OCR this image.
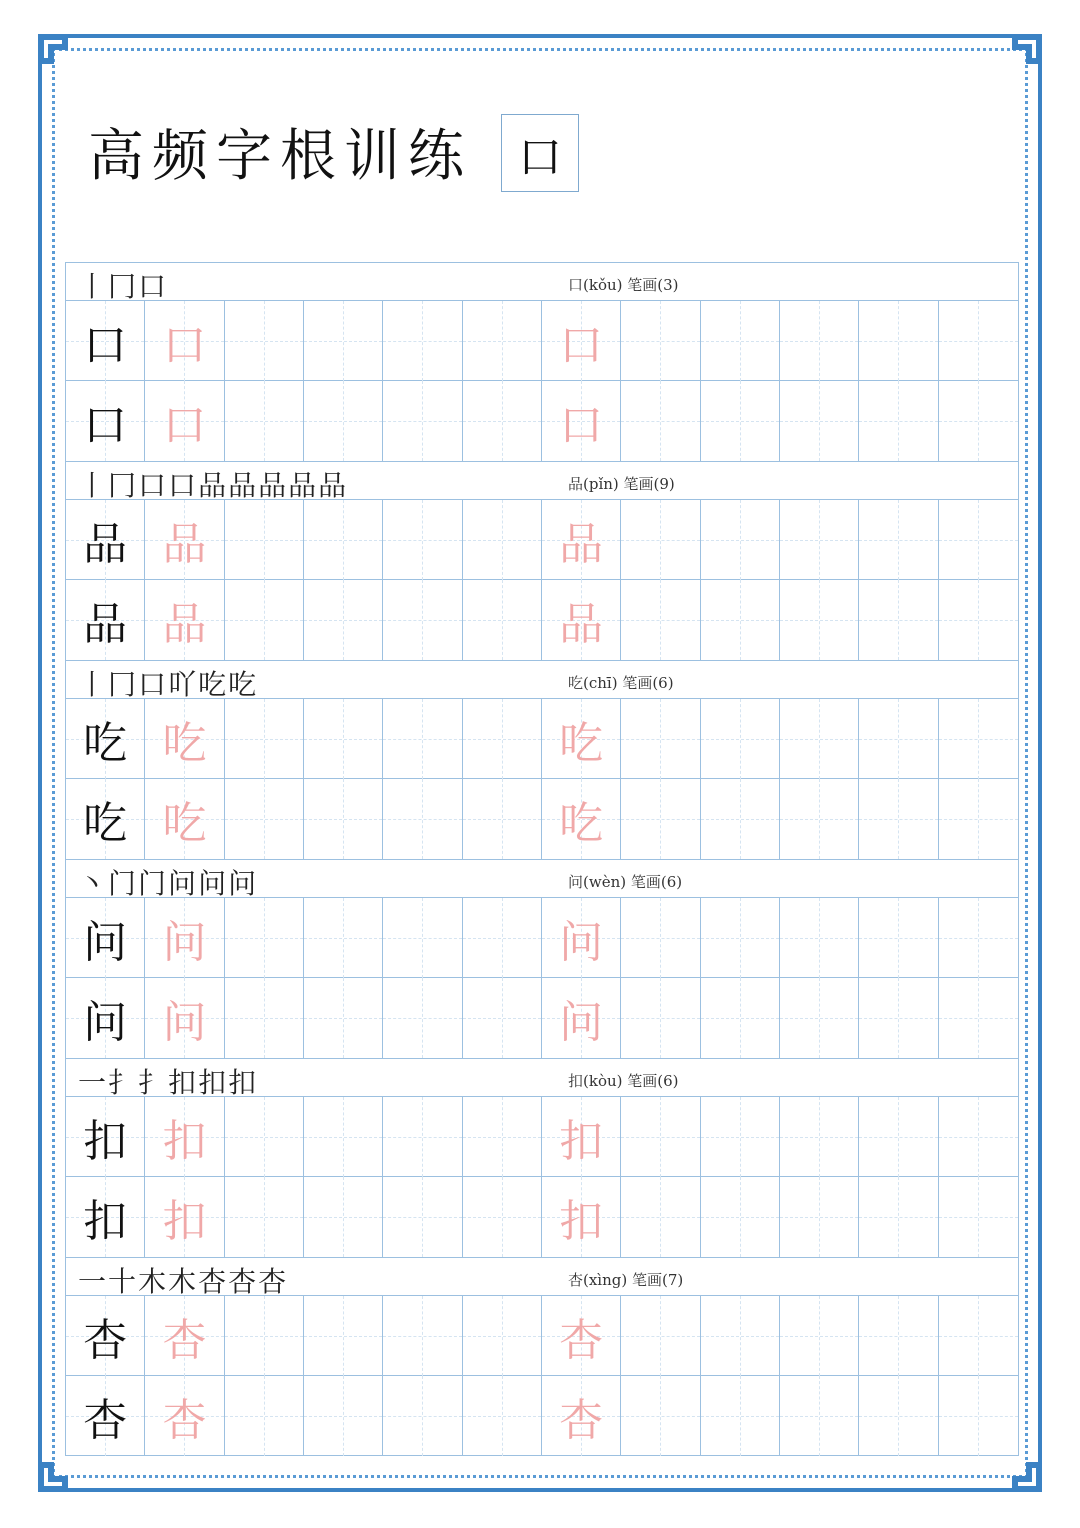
高频字根训练 口
丨冂口	口(kǒu) 笔画(3)
口 口	口
口 口	口
丨冂口口品品品品品	品(pǐn) 笔画(9)
品 品	品
品 品	品
丨冂口吖吃吃	吃(chī) 笔画(6)
吃 吃	吃
吃 吃	吃
丶门门问问问	问(wèn) 笔画(6)
问 问	问
问 问	问
一扌扌扣扣扣	扣(kòu) 笔画(6)
扣 扣	扣
扣 扣	扣
一十木木杏杏杏	杏(xìng) 笔画(7)
杏 杏	杏
杏 杏	杏
